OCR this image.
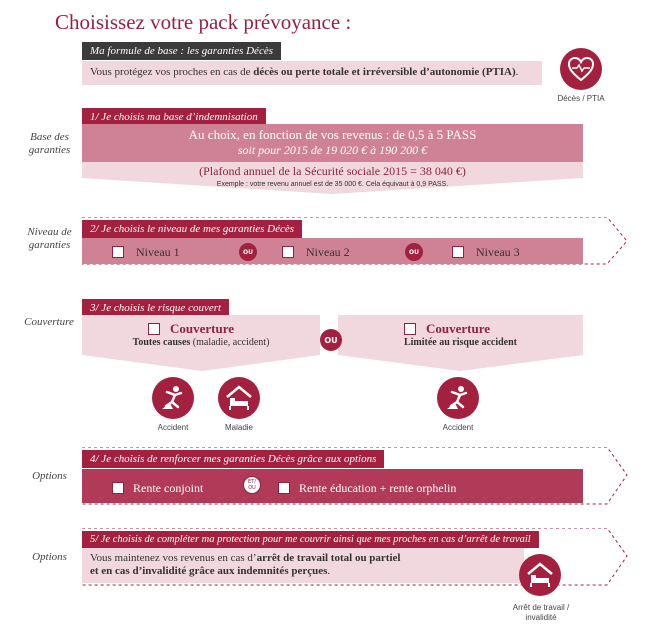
Choisissez votre pack prévoyance :
Ma formule de base : les garanties Décès
Vous protégez vos proches en cas de décès ou perte totale et irréversible d’autonomie (PTIA).
Décès / PTIA
Base des
garanties
1/ Je choisis ma base d’indemnisation
Au choix, en fonction de vos revenus : de 0,5 à 5 PASS
soit pour 2015 de 19 020 € à 190 200 €
(Plafond annuel de la Sécurité sociale 2015 = 38 040 €)
Exemple : votre revenu annuel est de 35 000 €. Cela équivaut à 0,9 PASS.
Niveau de
garanties
2/ Je choisis le niveau de mes garanties Décès
Niveau 1	OU	Niveau 2	OU	Niveau 3
Couverture
3/ Je choisis le risque couvert
Couverture
Toutes causes (maladie, accident)	OU
Couverture
Limitée au risque accident
Accident	Maladie	Accident
Options
4/ Je choisis de renforcer mes garanties Décès grâce aux options
Rente conjoint	ET/
OU	Rente éducation + rente orphelin
Options
5/ Je choisis de compléter ma protection pour me couvrir ainsi que mes proches en cas d’arrêt de travail
Vous maintenez vos revenus en cas d’arrêt de travail total ou partiel
et en cas d’invalidité grâce aux indemnités perçues.
Arrêt de travail /
invalidité
